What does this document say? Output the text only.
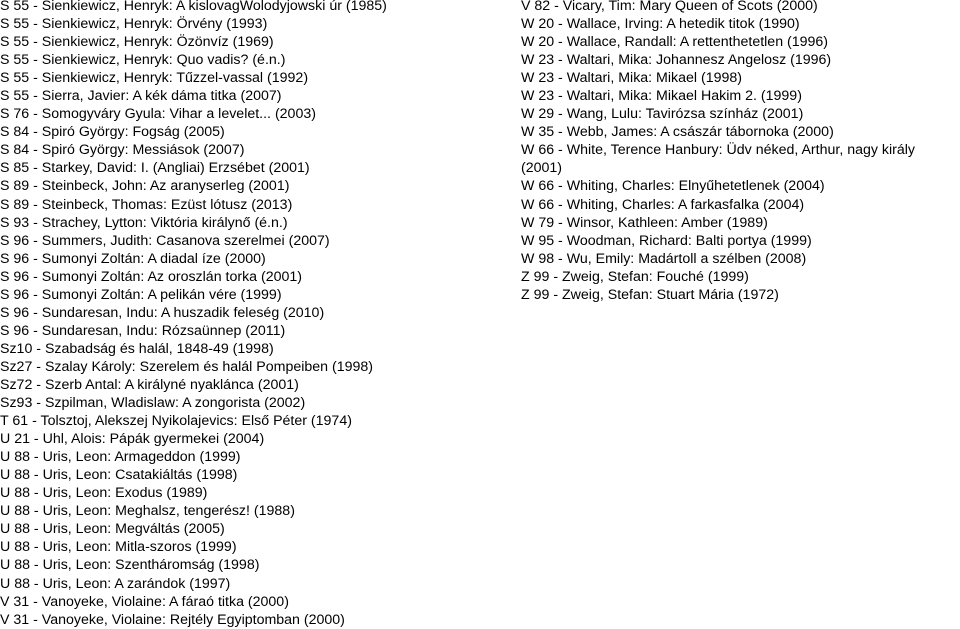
S 55 - Sienkiewicz, Henryk: A kislovagWolodyjowski úr (1985)
S 55 - Sienkiewicz, Henryk: Örvény (1993)
S 55 - Sienkiewicz, Henryk: Özönvíz (1969)
S 55 - Sienkiewicz, Henryk: Quo vadis? (é.n.)
S 55 - Sienkiewicz, Henryk: Tűzzel-vassal (1992)
S 55 - Sierra, Javier: A kék dáma titka (2007)
S 76 - Somogyváry Gyula: Vihar a levelet... (2003)
S 84 - Spiró György: Fogság (2005)
S 84 - Spiró György: Messiások (2007)
S 85 - Starkey, David: I. (Angliai) Erzsébet (2001)
S 89 - Steinbeck, John: Az aranyserleg (2001)
S 89 - Steinbeck, Thomas: Ezüst lótusz (2013)
S 93 - Strachey, Lytton: Viktória királynő (é.n.)
S 96 - Summers, Judith: Casanova szerelmei (2007)
S 96 - Sumonyi Zoltán: A diadal íze (2000)
S 96 - Sumonyi Zoltán: Az oroszlán torka (2001)
S 96 - Sumonyi Zoltán: A pelikán vére (1999)
S 96 - Sundaresan, Indu: A huszadik feleség (2010)
S 96 - Sundaresan, Indu: Rózsaünnep (2011)
Sz10 - Szabadság és halál, 1848-49 (1998)
Sz27 - Szalay Károly: Szerelem és halál Pompeiben (1998)
Sz72 - Szerb Antal: A királyné nyaklánca (2001)
Sz93 - Szpilman, Wladislaw: A zongorista (2002)
T 61 - Tolsztoj, Alekszej Nyikolajevics: Első Péter (1974)
U 21 - Uhl, Alois: Pápák gyermekei (2004)
U 88 - Uris, Leon: Armageddon (1999)
U 88 - Uris, Leon: Csatakiáltás (1998)
U 88 - Uris, Leon: Exodus (1989)
U 88 - Uris, Leon: Meghalsz, tengerész! (1988)
U 88 - Uris, Leon: Megváltás (2005)
U 88 - Uris, Leon: Mitla-szoros (1999)
U 88 - Uris, Leon: Szentháromság (1998)
U 88 - Uris, Leon: A zarándok (1997)
V 31 - Vanoyeke, Violaine: A fáraó titka (2000)
V 31 - Vanoyeke, Violaine: Rejtély Egyiptomban (2000)
V 82 - Vicary, Tim: Mary Queen of Scots (2000)
W 20 - Wallace, Irving: A hetedik titok (1990)
W 20 - Wallace, Randall: A rettenthetetlen (1996)
W 23 - Waltari, Mika: Johannesz Angelosz (1996)
W 23 - Waltari, Mika: Mikael (1998)
W 23 - Waltari, Mika: Mikael Hakim 2. (1999)
W 29 - Wang, Lulu: Tavirózsa színház (2001)
W 35 - Webb, James: A császár tábornoka (2000)
W 66 - White, Terence Hanbury: Üdv néked, Arthur, nagy király
(2001)
W 66 - Whiting, Charles: Elnyűhetetlenek (2004)
W 66 - Whiting, Charles: A farkasfalka (2004)
W 79 - Winsor, Kathleen: Amber (1989)
W 95 - Woodman, Richard: Balti portya (1999)
W 98 - Wu, Emily: Madártoll a szélben (2008)
Z 99 - Zweig, Stefan: Fouché (1999)
Z 99 - Zweig, Stefan: Stuart Mária (1972)
